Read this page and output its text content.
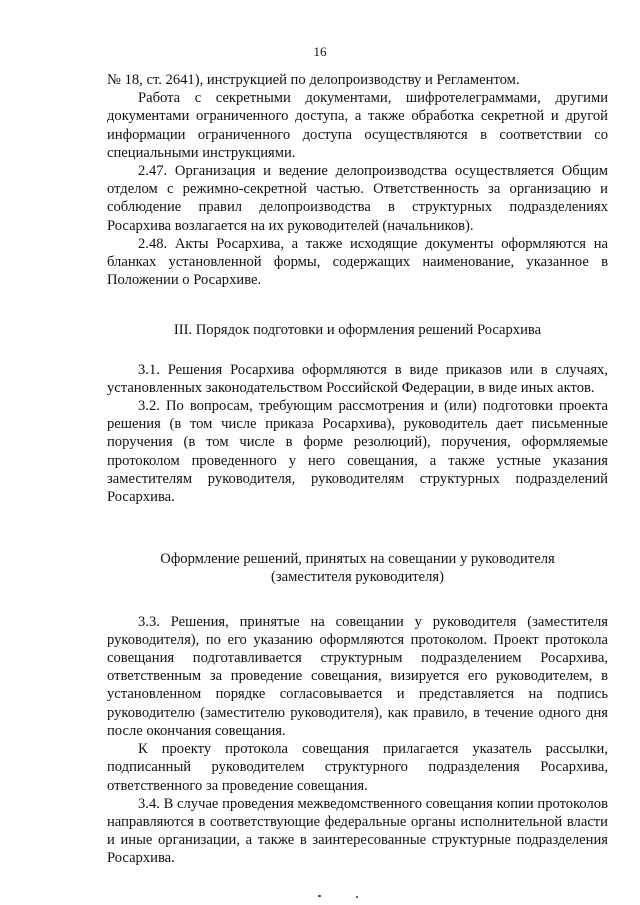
16

№ 18, ст. 2641), инструкцией по делопроизводству и Регламентом.

Работа с секретными документами, шифротелеграммами, другими документами ограниченного доступа, а также обработка секретной и другой информации ограниченного доступа осуществляются в соответствии со специальными инструкциями.

2.47. Организация и ведение делопроизводства осуществляется Общим отделом с режимно-секретной частью. Ответственность за организацию и соблюдение правил делопроизводства в структурных подразделениях Росархива возлагается на их руководителей (начальников).

2.48. Акты Росархива, а также исходящие документы оформляются на бланках установленной формы, содержащих наименование, указанное в Положении о Росархиве.

III. Порядок подготовки и оформления решений Росархива

3.1. Решения Росархива оформляются в виде приказов или в случаях, установленных законодательством Российской Федерации, в виде иных актов.

3.2. По вопросам, требующим рассмотрения и (или) подготовки проекта решения (в том числе приказа Росархива), руководитель дает письменные поручения (в том числе в форме резолюций), поручения, оформляемые протоколом проведенного у него совещания, а также устные указания заместителям руководителя, руководителям структурных подразделений Росархива.

Оформление решений, принятых на совещании у руководителя

(заместителя руководителя)

3.3. Решения, принятые на совещании у руководителя (заместителя руководителя), по его указанию оформляются протоколом. Проект протокола совещания подготавливается структурным подразделением Росархива, ответственным за проведение совещания, визируется его руководителем, в установленном порядке согласовывается и представляется на подпись руководителю (заместителю руководителя), как правило, в течение одного дня после окончания совещания.

К проекту протокола совещания прилагается указатель рассылки, подписанный руководителем структурного подразделения Росархива, ответственного за проведение совещания.

3.4. В случае проведения межведомственного совещания копии протоколов направляются в соответствующие федеральные органы исполнительной власти и иные организации, а также в заинтересованные структурные подразделения Росархива.
